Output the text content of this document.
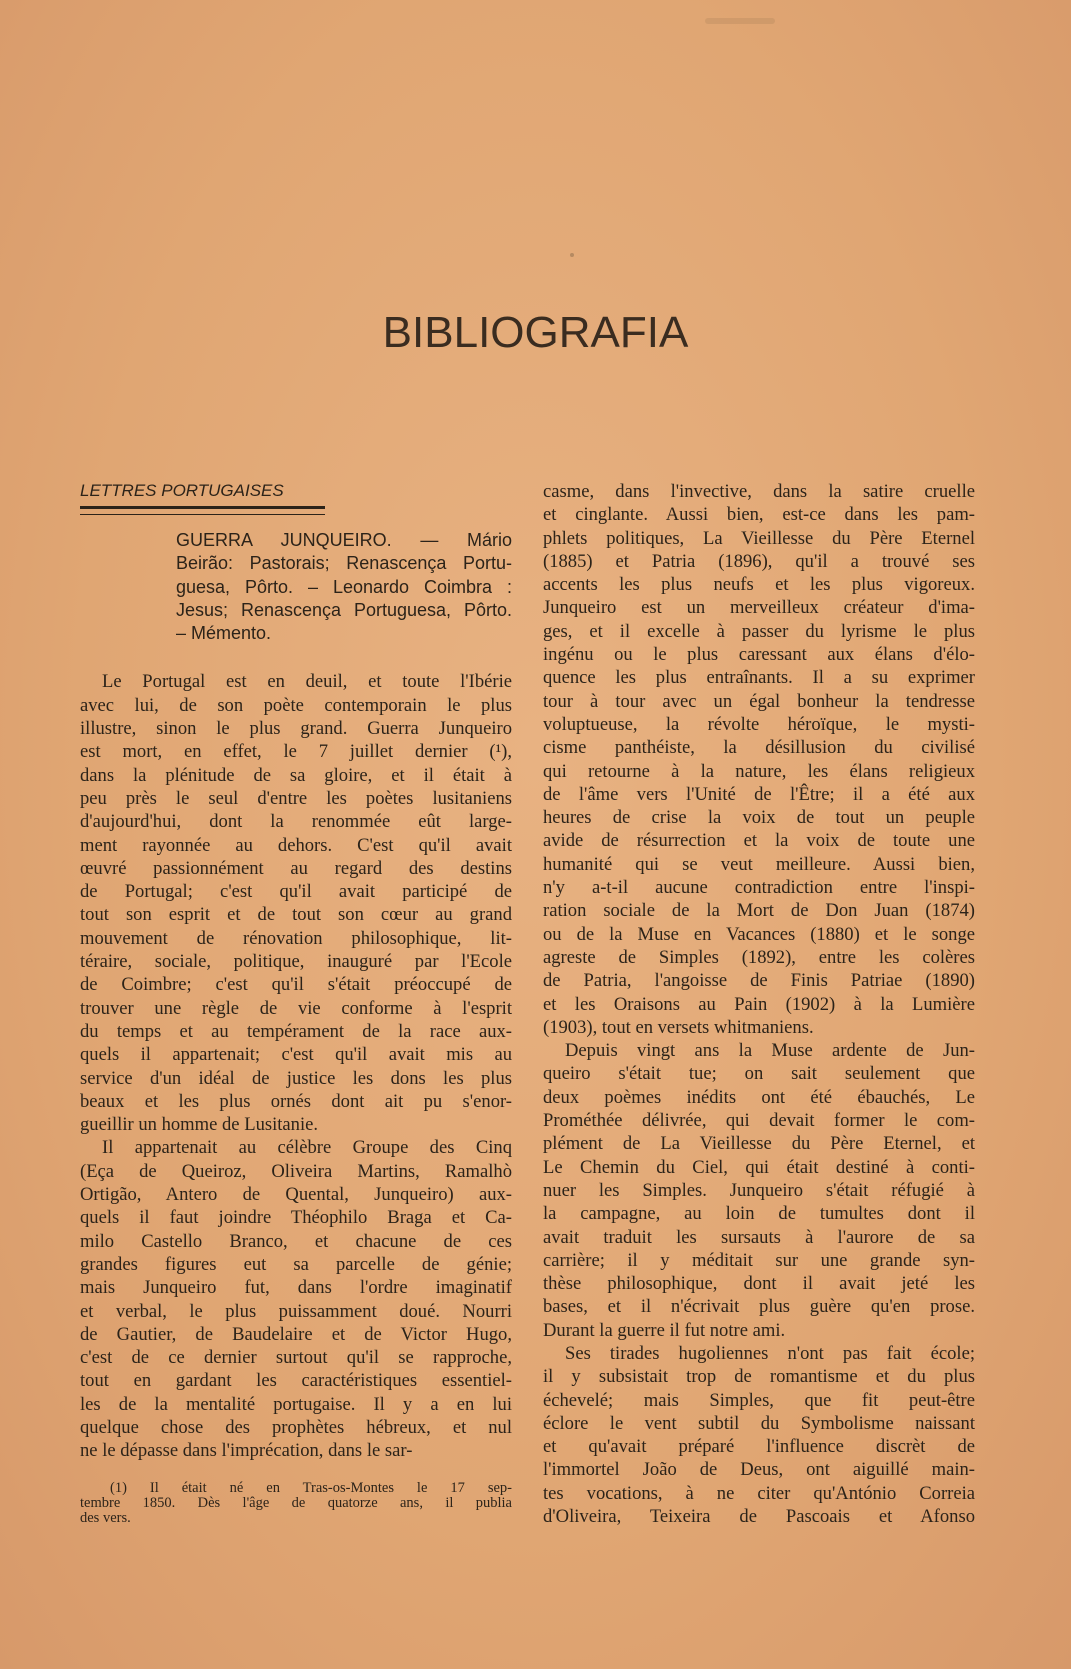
BIBLIOGRAFIA
LETTRES PORTUGAISES
GUERRA JUNQUEIRO. — Mário
Beirão: Pastorais; Renascença Portu-
guesa, Pôrto. – Leonardo Coimbra :
Jesus; Renascença Portuguesa, Pôrto.
– Mémento.
Le Portugal est en deuil, et toute l'Ibérie
avec lui, de son poète contemporain le plus
illustre, sinon le plus grand. Guerra Junqueiro
est mort, en effet, le 7 juillet dernier (¹),
dans la plénitude de sa gloire, et il était à
peu près le seul d'entre les poètes lusitaniens
d'aujourd'hui, dont la renommée eût large-
ment rayonnée au dehors. C'est qu'il avait
œuvré passionnément au regard des destins
de Portugal; c'est qu'il avait participé de
tout son esprit et de tout son cœur au grand
mouvement de rénovation philosophique, lit-
téraire, sociale, politique, inauguré par l'Ecole
de Coimbre; c'est qu'il s'était préoccupé de
trouver une règle de vie conforme à l'esprit
du temps et au tempérament de la race aux-
quels il appartenait; c'est qu'il avait mis au
service d'un idéal de justice les dons les plus
beaux et les plus ornés dont ait pu s'enor-
gueillir un homme de Lusitanie.
Il appartenait au célèbre Groupe des Cinq
(Eça de Queiroz, Oliveira Martins, Ramalhò
Ortigão, Antero de Quental, Junqueiro) aux-
quels il faut joindre Théophilo Braga et Ca-
milo Castello Branco, et chacune de ces
grandes figures eut sa parcelle de génie;
mais Junqueiro fut, dans l'ordre imaginatif
et verbal, le plus puissamment doué. Nourri
de Gautier, de Baudelaire et de Victor Hugo,
c'est de ce dernier surtout qu'il se rapproche,
tout en gardant les caractéristiques essentiel-
les de la mentalité portugaise. Il y a en lui
quelque chose des prophètes hébreux, et nul
ne le dépasse dans l'imprécation, dans le sar-
(1) Il était né en Tras-os-Montes le 17 sep-
tembre 1850. Dès l'âge de quatorze ans, il publia
des vers.
casme, dans l'invective, dans la satire cruelle
et cinglante. Aussi bien, est-ce dans les pam-
phlets politiques, La Vieillesse du Père Eternel
(1885) et Patria (1896), qu'il a trouvé ses
accents les plus neufs et les plus vigoreux.
Junqueiro est un merveilleux créateur d'ima-
ges, et il excelle à passer du lyrisme le plus
ingénu ou le plus caressant aux élans d'élo-
quence les plus entraînants. Il a su exprimer
tour à tour avec un égal bonheur la tendresse
voluptueuse, la révolte héroïque, le mysti-
cisme panthéiste, la désillusion du civilisé
qui retourne à la nature, les élans religieux
de l'âme vers l'Unité de l'Être; il a été aux
heures de crise la voix de tout un peuple
avide de résurrection et la voix de toute une
humanité qui se veut meilleure. Aussi bien,
n'y a-t-il aucune contradiction entre l'inspi-
ration sociale de la Mort de Don Juan (1874)
ou de la Muse en Vacances (1880) et le songe
agreste de Simples (1892), entre les colères
de Patria, l'angoisse de Finis Patriae (1890)
et les Oraisons au Pain (1902) à la Lumière
(1903), tout en versets whitmaniens.
Depuis vingt ans la Muse ardente de Jun-
queiro s'était tue; on sait seulement que
deux poèmes inédits ont été ébauchés, Le
Prométhée délivrée, qui devait former le com-
plément de La Vieillesse du Père Eternel, et
Le Chemin du Ciel, qui était destiné à conti-
nuer les Simples. Junqueiro s'était réfugié à
la campagne, au loin de tumultes dont il
avait traduit les sursauts à l'aurore de sa
carrière; il y méditait sur une grande syn-
thèse philosophique, dont il avait jeté les
bases, et il n'écrivait plus guère qu'en prose.
Durant la guerre il fut notre ami.
Ses tirades hugoliennes n'ont pas fait école;
il y subsistait trop de romantisme et du plus
échevelé; mais Simples, que fit peut-être
éclore le vent subtil du Symbolisme naissant
et qu'avait préparé l'influence discrèt de
l'immortel João de Deus, ont aiguillé main-
tes vocations, à ne citer qu'António Correia
d'Oliveira, Teixeira de Pascoais et Afonso
